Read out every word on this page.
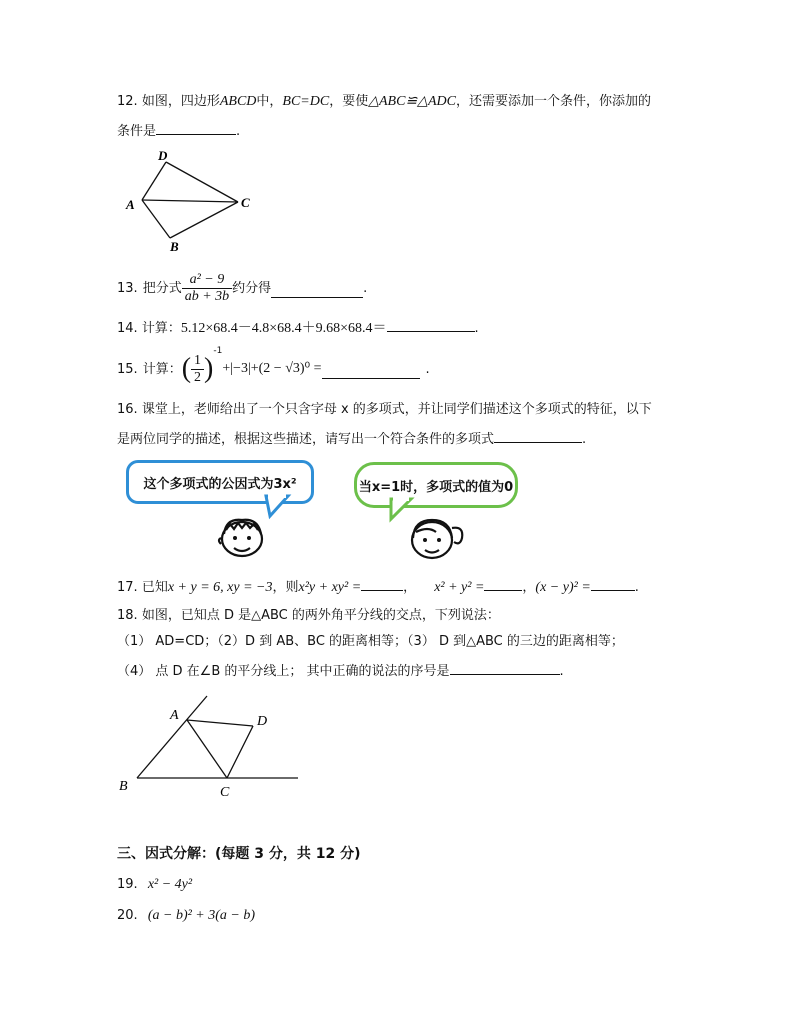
12. 如图，四边形ABCD中，BC=DC，要使△ABC≌△ADC，还需要添加一个条件，你添加的
条件是	.
D
A	C
B
13. 把分式 $\frac{\text{a² − 9}}{ab + 3b}$ 约分得	.
14. 计算：5.12×68.4－4.8×68.4＋9.68×68.4＝	.
15. 计算： ( $\frac{1}{2}$ )
-1
+|−3|+(2 − √3)⁰ =	.
16. 课堂上，老师给出了一个只含字母 x 的多项式，并让同学们描述这个多项式的特征，以下
是两位同学的描述，根据这些描述，请写出一个符合条件的多项式	.
这个多项式的公因式为3x²	当x=1时，多项式的值为0
17. 已知x + y = 6, xy = −3，则x²y + xy² =	， x² + y² =	，(x − y)² =	.
18. 如图，已知点 D 是△ABC 的两外角平分线的交点，下列说法：
（1） AD=CD；（2）D 到 AB、BC 的距离相等；（3） D 到△ABC 的三边的距离相等；
（4） 点 D 在∠B 的平分线上； 其中正确的说法的序号是	.
A	D
B	C
三、因式分解：(每题 3 分，共 12 分)
19. x² − 4y²
20. (a − b)² + 3(a − b)
